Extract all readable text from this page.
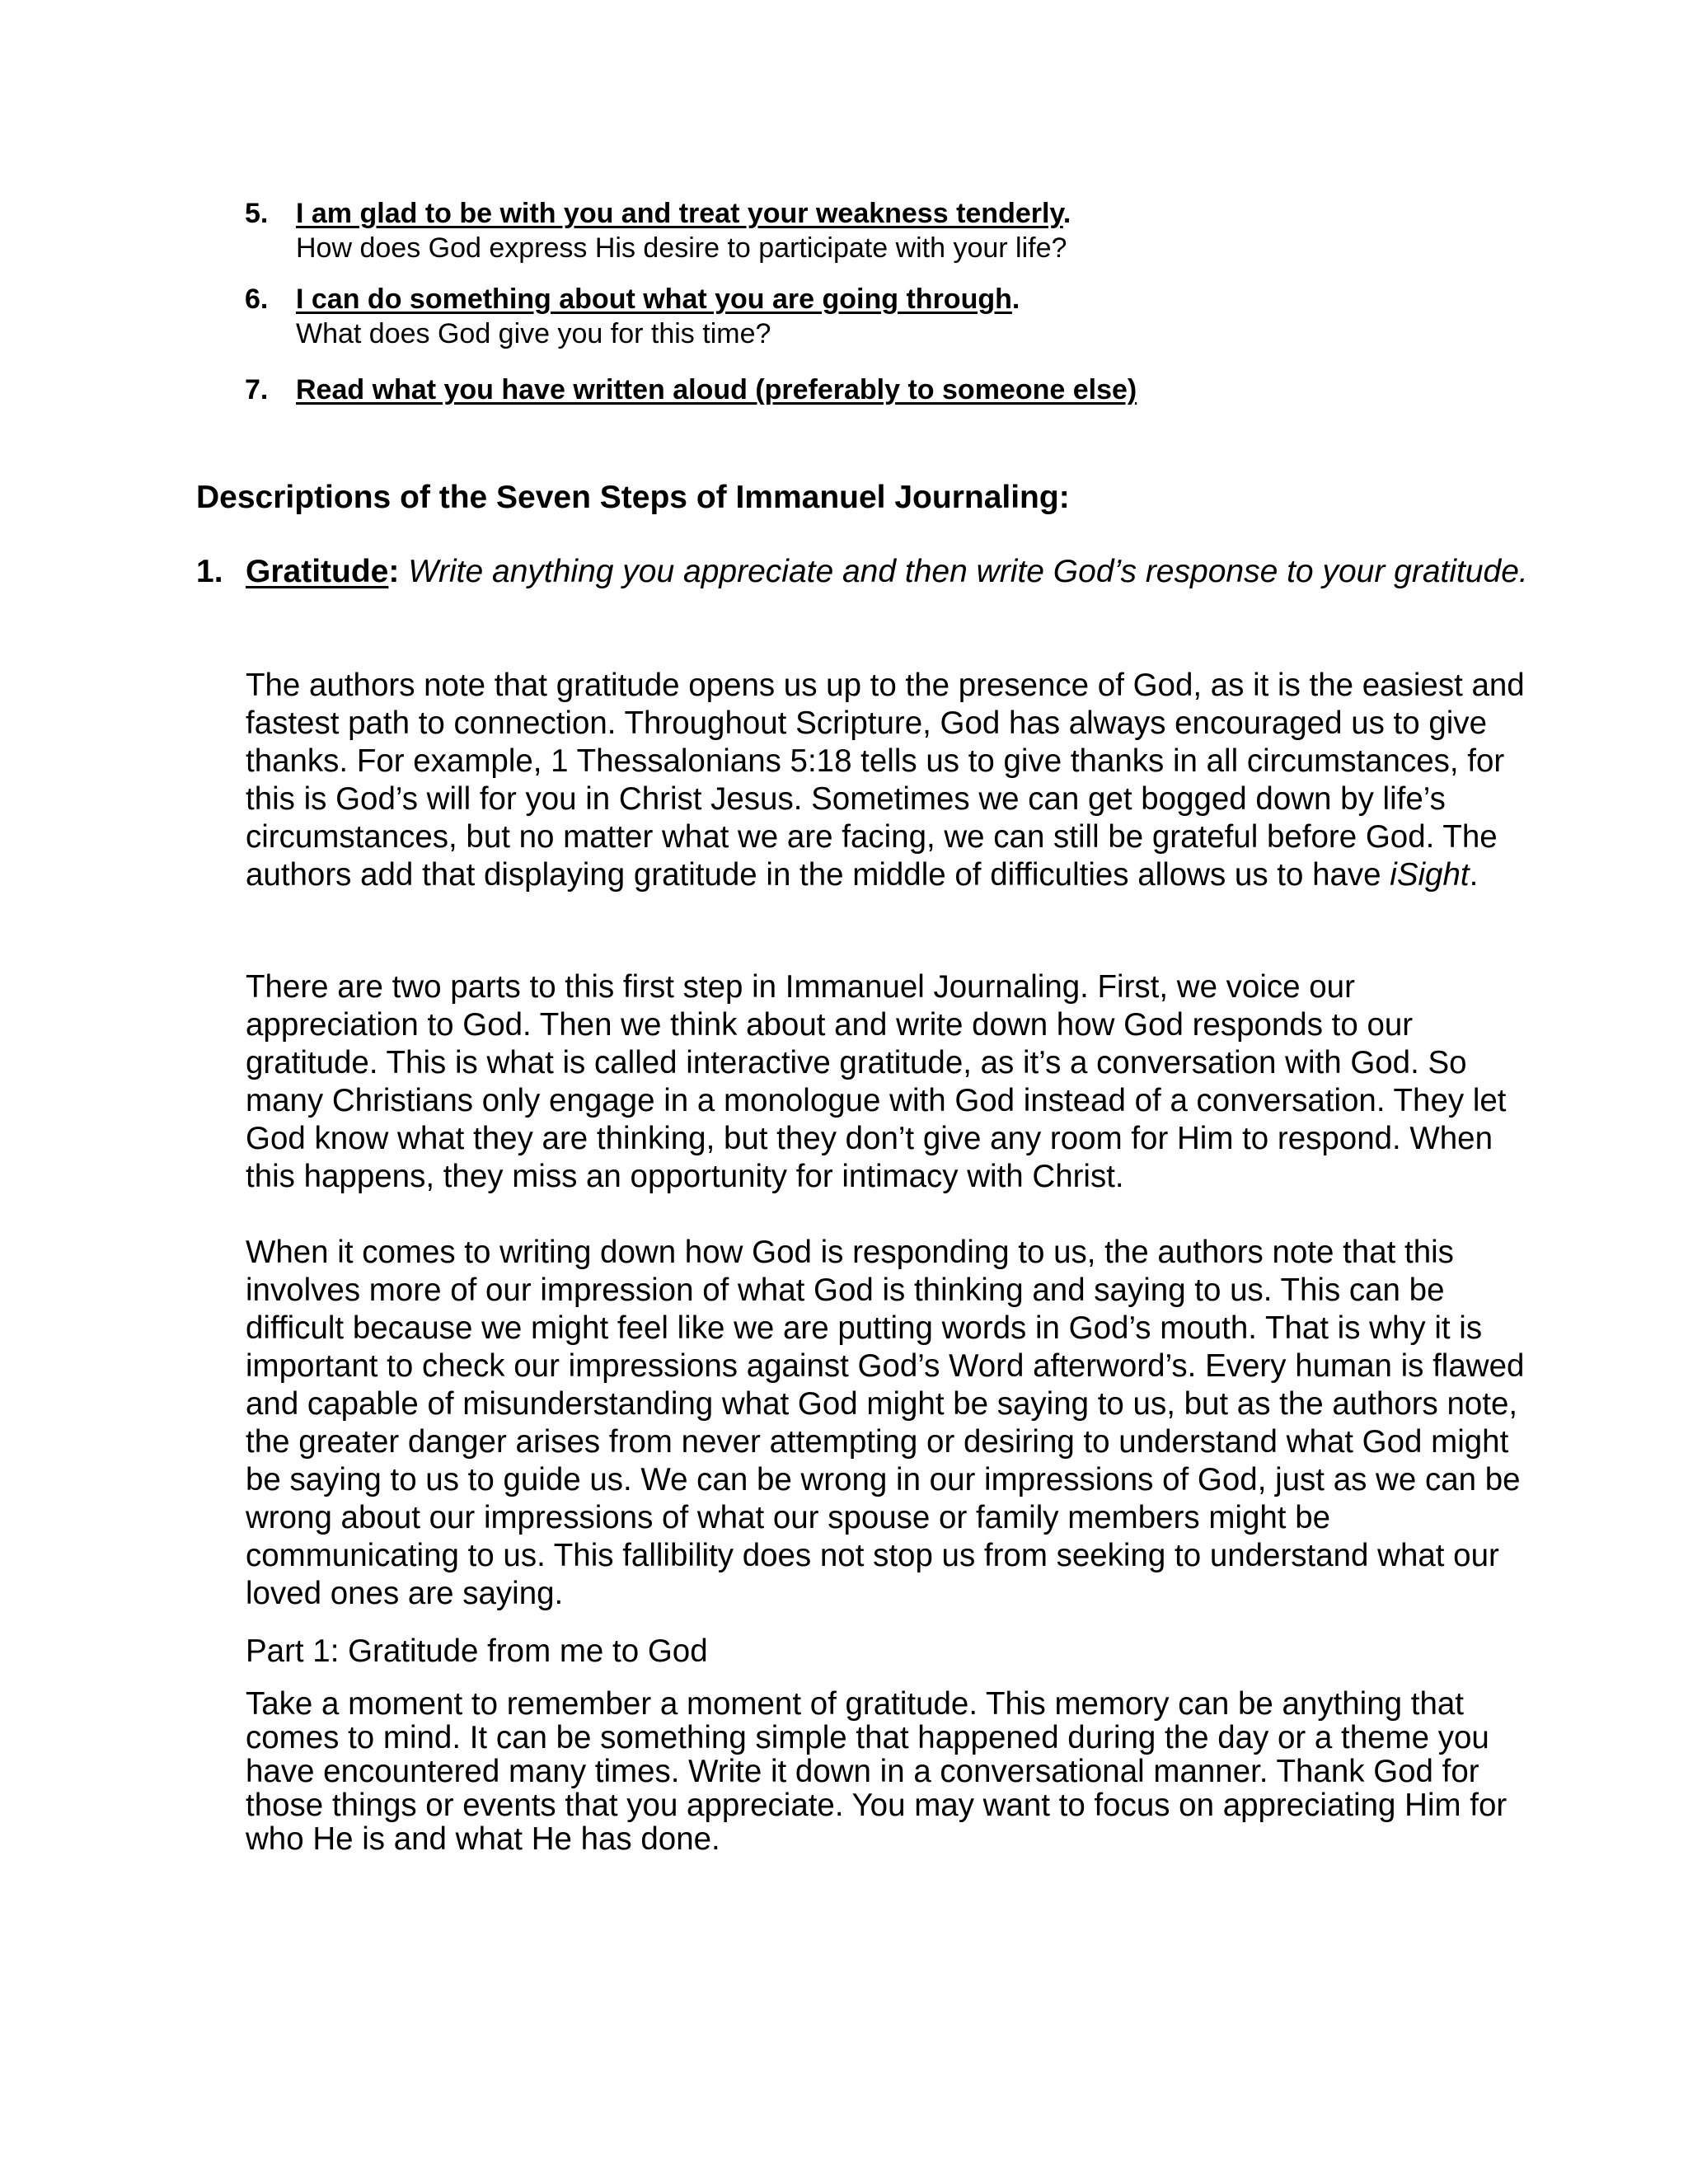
5. I am glad to be with you and treat your weakness tenderly.
How does God express His desire to participate with your life?
6. I can do something about what you are going through.
What does God give you for this time?
7. Read what you have written aloud (preferably to someone else)
Descriptions of the Seven Steps of Immanuel Journaling:
1. Gratitude: Write anything you appreciate and then write God’s response to your gratitude.

The authors note that gratitude opens us up to the presence of God, as it is the easiest and fastest path to connection. Throughout Scripture, God has always encouraged us to give thanks. For example, 1 Thessalonians 5:18 tells us to give thanks in all circumstances, for this is God’s will for you in Christ Jesus. Sometimes we can get bogged down by life’s circumstances, but no matter what we are facing, we can still be grateful before God. The authors add that displaying gratitude in the middle of difficulties allows us to have iSight.

There are two parts to this first step in Immanuel Journaling. First, we voice our appreciation to God. Then we think about and write down how God responds to our gratitude. This is what is called interactive gratitude, as it’s a conversation with God. So many Christians only engage in a monologue with God instead of a conversation. They let God know what they are thinking, but they don’t give any room for Him to respond. When this happens, they miss an opportunity for intimacy with Christ.

When it comes to writing down how God is responding to us, the authors note that this involves more of our impression of what God is thinking and saying to us. This can be difficult because we might feel like we are putting words in God’s mouth. That is why it is important to check our impressions against God’s Word afterword’s. Every human is flawed and capable of misunderstanding what God might be saying to us, but as the authors note, the greater danger arises from never attempting or desiring to understand what God might be saying to us to guide us. We can be wrong in our impressions of God, just as we can be wrong about our impressions of what our spouse or family members might be communicating to us. This fallibility does not stop us from seeking to understand what our loved ones are saying.

Part 1: Gratitude from me to God

Take a moment to remember a moment of gratitude. This memory can be anything that comes to mind. It can be something simple that happened during the day or a theme you have encountered many times. Write it down in a conversational manner. Thank God for those things or events that you appreciate. You may want to focus on appreciating Him for who He is and what He has done.
